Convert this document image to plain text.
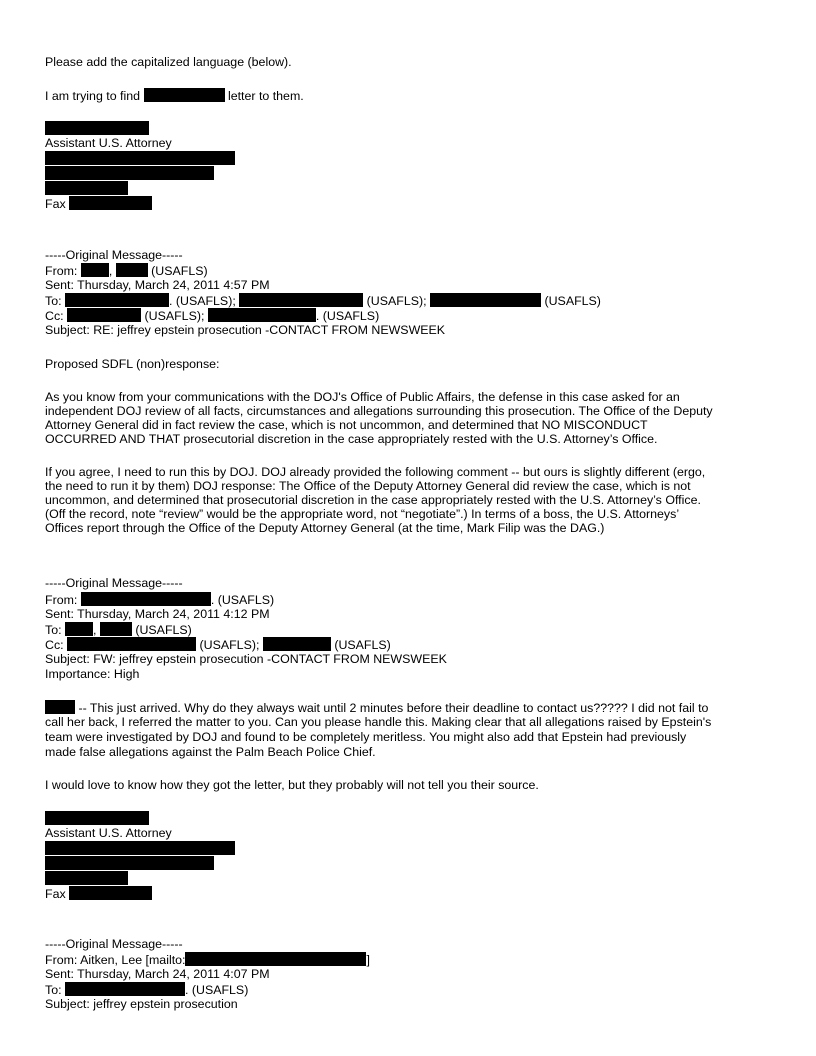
Please add the capitalized language (below).
I am trying to find	letter to them.
Assistant U.S. Attorney
Fax
-----Original Message-----
From:	,	(USAFLS)
Sent: Thursday, March 24, 2011 4:57 PM
To:	. (USAFLS);	(USAFLS);	(USAFLS)
Cc:	(USAFLS);	. (USAFLS)
Subject: RE: jeffrey epstein prosecution -CONTACT FROM NEWSWEEK
Proposed SDFL (non)response:
As you know from your communications with the DOJ's Office of Public Affairs, the defense in this case asked for an
independent DOJ review of all facts, circumstances and allegations surrounding this prosecution. The Office of the Deputy
Attorney General did in fact review the case, which is not uncommon, and determined that NO MISCONDUCT
OCCURRED AND THAT prosecutorial discretion in the case appropriately rested with the U.S. Attorney’s Office.
If you agree, I need to run this by DOJ. DOJ already provided the following comment -- but ours is slightly different (ergo,
the need to run it by them) DOJ response: The Office of the Deputy Attorney General did review the case, which is not
uncommon, and determined that prosecutorial discretion in the case appropriately rested with the U.S. Attorney’s Office.
(Off the record, note “review” would be the appropriate word, not “negotiate”.) In terms of a boss, the U.S. Attorneys’
Offices report through the Office of the Deputy Attorney General (at the time, Mark Filip was the DAG.)
-----Original Message-----
From:	. (USAFLS)
Sent: Thursday, March 24, 2011 4:12 PM
To:	,	(USAFLS)
Cc:	(USAFLS);	(USAFLS)
Subject: FW: jeffrey epstein prosecution -CONTACT FROM NEWSWEEK
Importance: High
-- This just arrived. Why do they always wait until 2 minutes before their deadline to contact us????? I did not fail to
call her back, I referred the matter to you. Can you please handle this. Making clear that all allegations raised by Epstein's
team were investigated by DOJ and found to be completely meritless. You might also add that Epstein had previously
made false allegations against the Palm Beach Police Chief.
I would love to know how they got the letter, but they probably will not tell you their source.
Assistant U.S. Attorney
Fax
-----Original Message-----
From: Aitken, Lee [mailto:	]
Sent: Thursday, March 24, 2011 4:07 PM
To:	. (USAFLS)
Subject: jeffrey epstein prosecution
